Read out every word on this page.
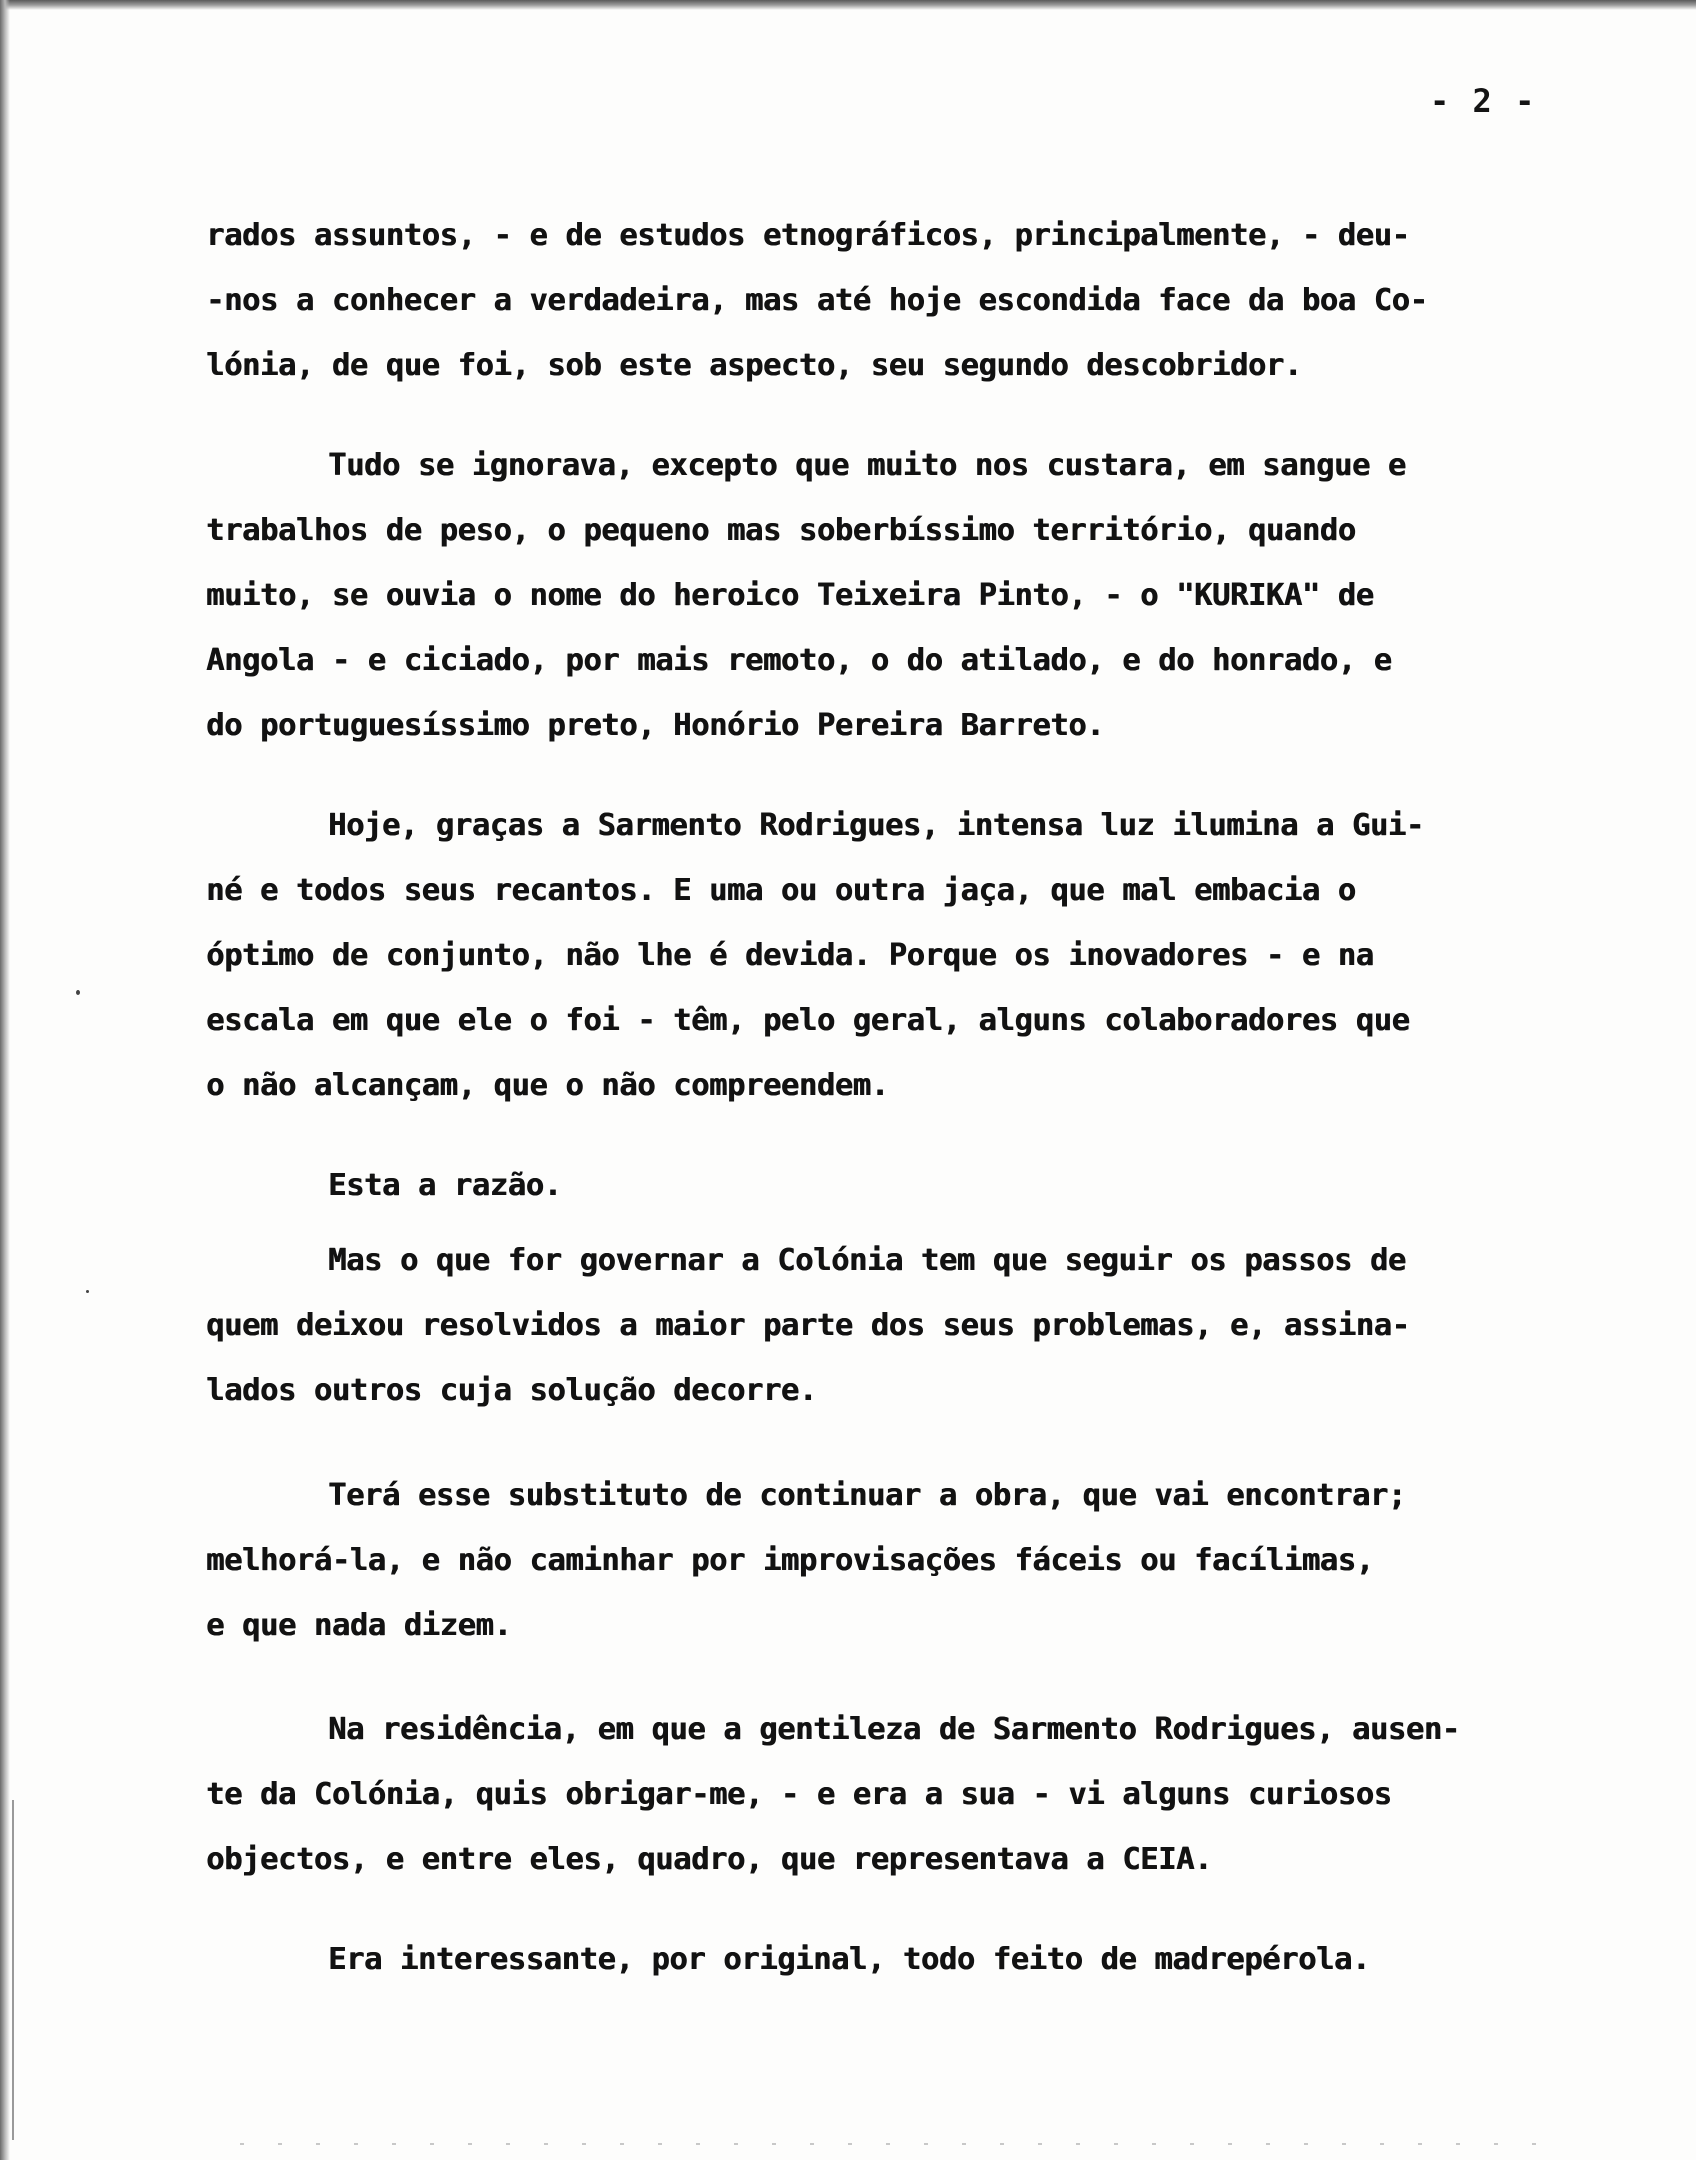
- 2 -
rados assuntos, - e de estudos etnográficos, principalmente, - deu-
-nos a conhecer a verdadeira, mas até hoje escondida face da boa Co-
lónia, de que foi, sob este aspecto, seu segundo descobridor.
Tudo se ignorava, excepto que muito nos custara, em sangue e
trabalhos de peso, o pequeno mas soberbíssimo território, quando
muito, se ouvia o nome do heroico Teixeira Pinto, - o "KURIKA" de
Angola - e ciciado, por mais remoto, o do atilado, e do honrado, e
do portuguesíssimo preto, Honório Pereira Barreto.
Hoje, graças a Sarmento Rodrigues, intensa luz ilumina a Gui-
né e todos seus recantos. E uma ou outra jaça, que mal embacia o
óptimo de conjunto, não lhe é devida. Porque os inovadores - e na
escala em que ele o foi - têm, pelo geral, alguns colaboradores que
o não alcançam, que o não compreendem.
Esta a razão.
Mas o que for governar a Colónia tem que seguir os passos de
quem deixou resolvidos a maior parte dos seus problemas, e, assina-
lados outros cuja solução decorre.
Terá esse substituto de continuar a obra, que vai encontrar;
melhorá-la, e não caminhar por improvisações fáceis ou facílimas,
e que nada dizem.
Na residência, em que a gentileza de Sarmento Rodrigues, ausen-
te da Colónia, quis obrigar-me, - e era a sua - vi alguns curiosos
objectos, e entre eles, quadro, que representava a CEIA.
Era interessante, por original, todo feito de madrepérola.
